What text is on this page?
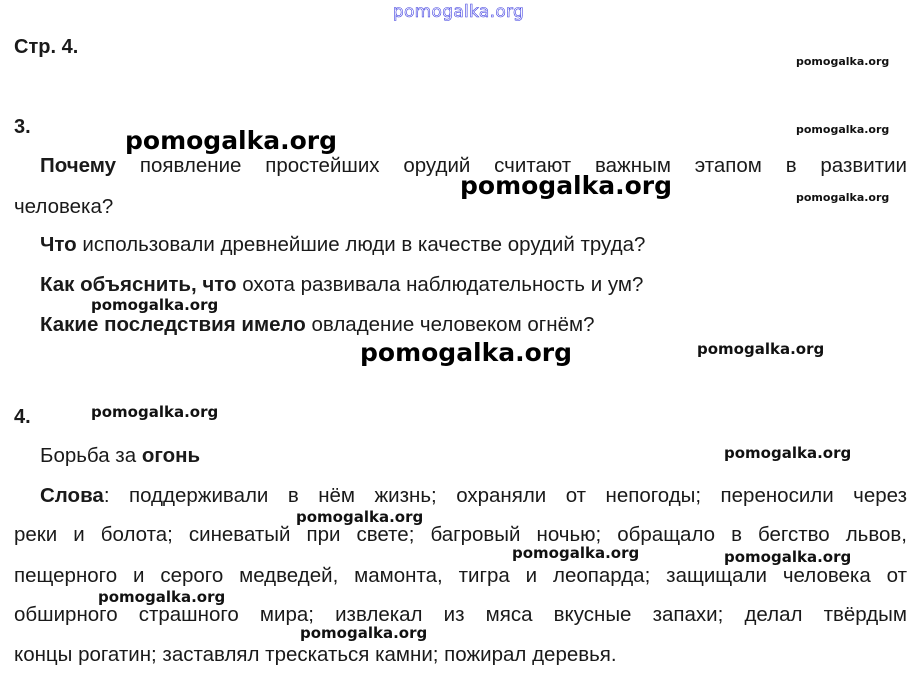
pomogalka.org
Стр. 4.
pomogalka.org
pomogalka.org
pomogalka.org
pomogalka.org
pomogalka.org
pomogalka.org
pomogalka.org	pomogalka.org
pomogalka.org
pomogalka.org
pomogalka.org
pomogalka.org	pomogalka.org
pomogalka.org
pomogalka.org
3.
Почему появление простейших орудий считают важным этапом в развитии
человека?
Что использовали древнейшие люди в качестве орудий труда?
Как объяснить, что охота развивала наблюдательность и ум?
Какие последствия имело овладение человеком огнём?
4.
Борьба за огонь
Слова: поддерживали в нём жизнь; охраняли от непогоды; переносили через
реки и болота; синеватый при свете; багровый ночью; обращало в бегство львов,
пещерного и серого медведей, мамонта, тигра и леопарда; защищали человека от
обширного страшного мира; извлекал из мяса вкусные запахи; делал твёрдым
концы рогатин; заставлял трескаться камни; пожирал деревья.
